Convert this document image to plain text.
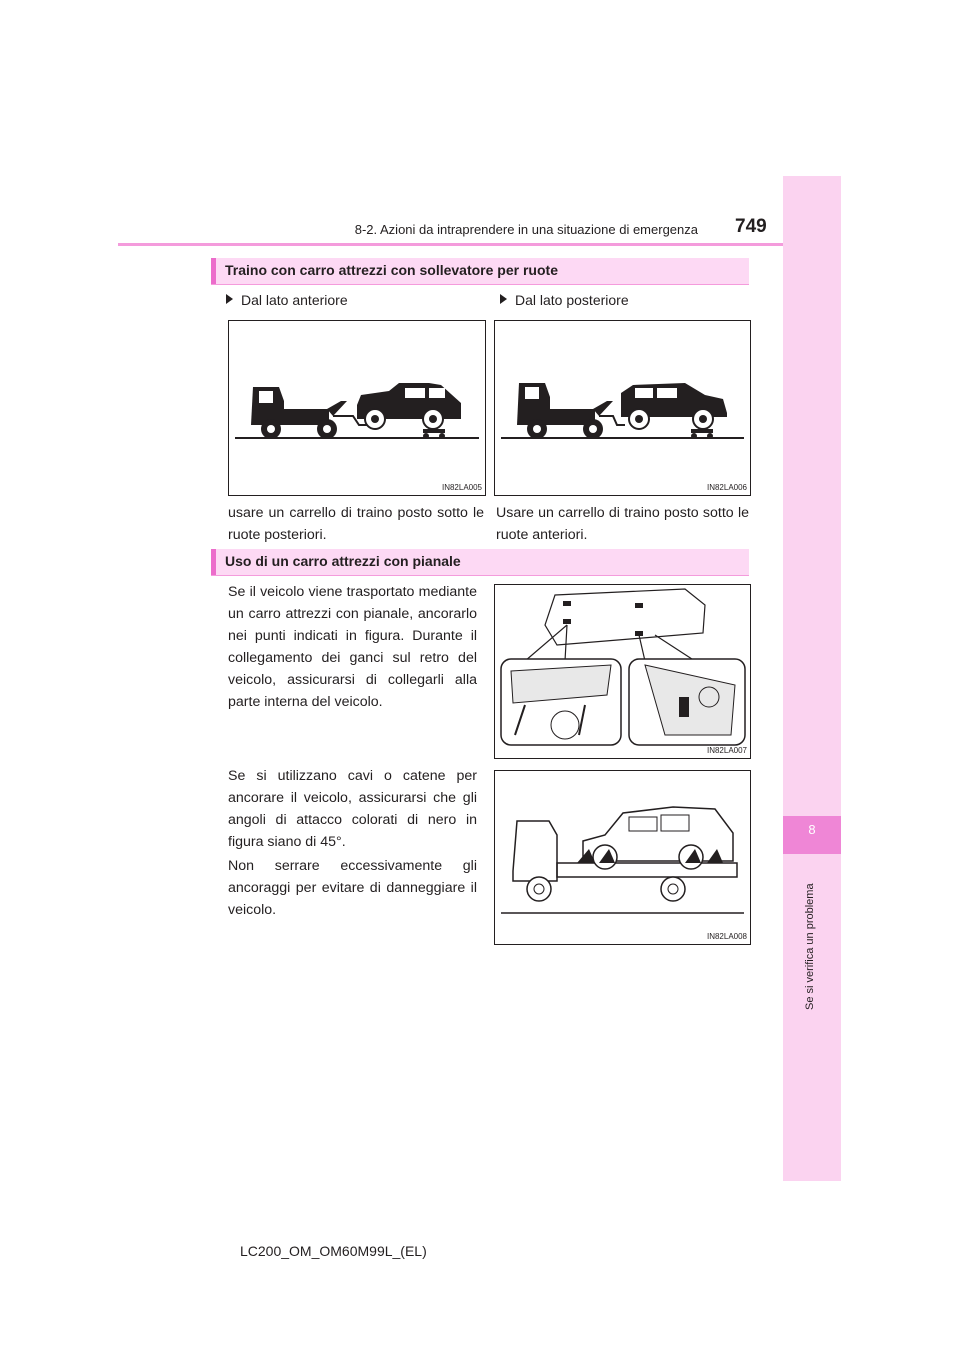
8
Se si verifica un problema
8-2. Azioni da intraprendere in una situazione di emergenza 749
Traino con carro attrezzi con sollevatore per ruote
Dal lato anteriore	Dal lato posteriore
IN82LA005	IN82LA006
usare un carrello di traino posto sotto le ruote posteriori.
Usare un carrello di traino posto sotto le ruote anteriori.
Uso di un carro attrezzi con pianale
Se il veicolo viene trasportato mediante un carro attrezzi con pianale, ancorarlo nei punti indicati in figura. Durante il collegamento dei ganci sul retro del veicolo, assicurarsi di collegarli alla parte interna del veicolo.
IN82LA007
Se si utilizzano cavi o catene per ancorare il veicolo, assicurarsi che gli angoli di attacco colorati di nero in figura siano di 45°.
Non serrare eccessivamente gli ancoraggi per evitare di danneggiare il veicolo.
IN82LA008
LC200_OM_OM60M99L_(EL)
